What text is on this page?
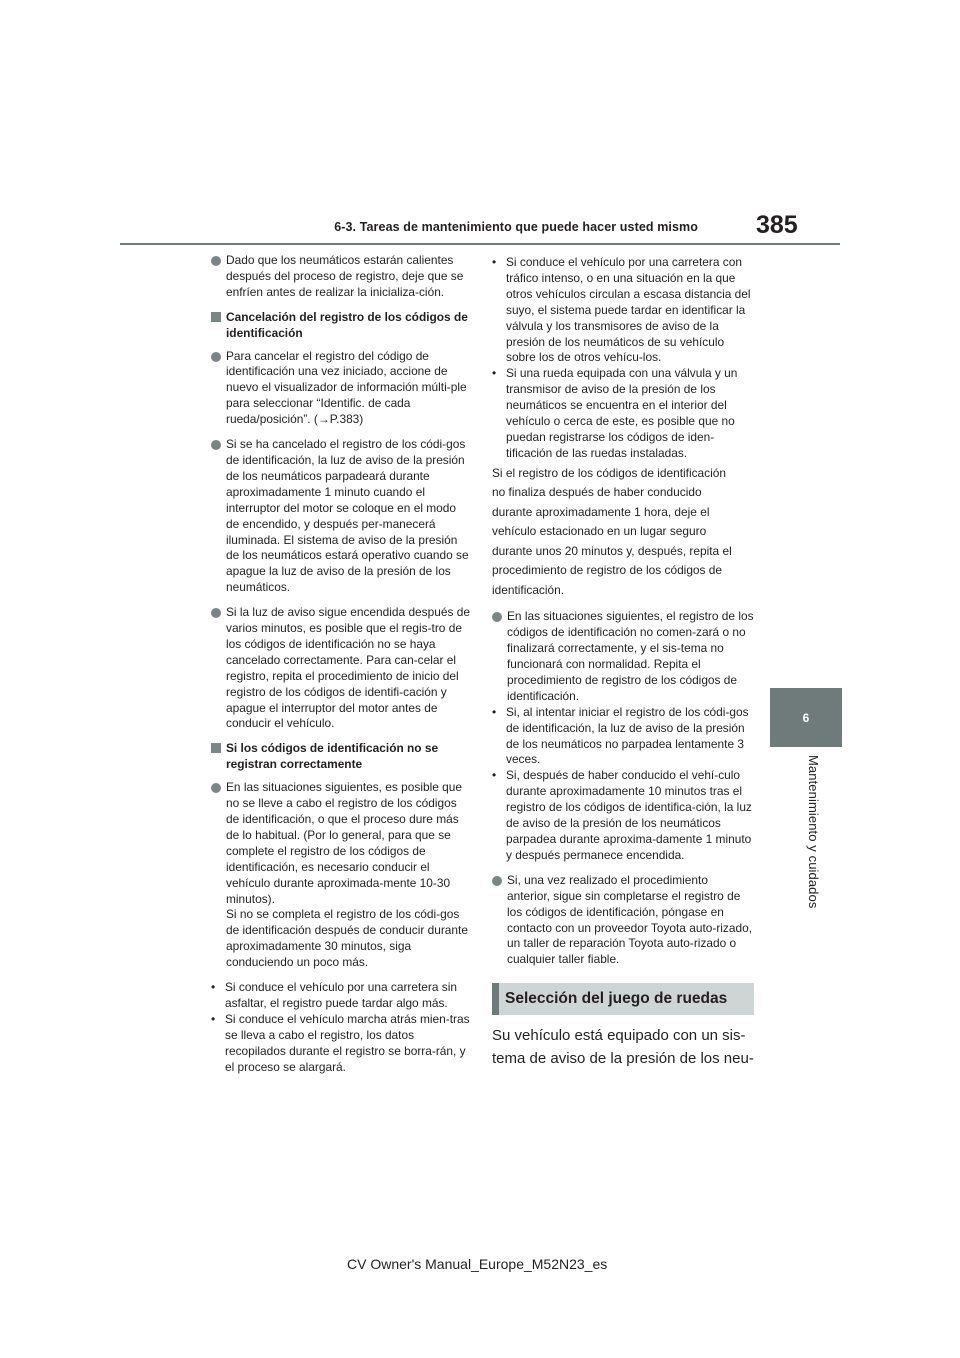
6-3. Tareas de mantenimiento que puede hacer usted mismo 385
6
Mantenimiento y cuidados
Dado que los neumáticos estarán calientes después del proceso de registro, deje que se enfríen antes de realizar la inicializa-ción.
Cancelación del registro de los códigos de identificación
Para cancelar el registro del código de identificación una vez iniciado, accione de nuevo el visualizador de información múlti-ple para seleccionar “Identific. de cada rueda/posición”. (→P.383)
Si se ha cancelado el registro de los códi-gos de identificación, la luz de aviso de la presión de los neumáticos parpadeará durante aproximadamente 1 minuto cuando el interruptor del motor se coloque en el modo de encendido, y después per-manecerá iluminada. El sistema de aviso de la presión de los neumáticos estará operativo cuando se apague la luz de aviso de la presión de los neumáticos.
Si la luz de aviso sigue encendida después de varios minutos, es posible que el regis-tro de los códigos de identificación no se haya cancelado correctamente. Para can-celar el registro, repita el procedimiento de inicio del registro de los códigos de identifi-cación y apague el interruptor del motor antes de conducir el vehículo.
Si los códigos de identificación no se registran correctamente
En las situaciones siguientes, es posible que no se lleve a cabo el registro de los códigos de identificación, o que el proceso dure más de lo habitual. (Por lo general, para que se complete el registro de los códigos de identificación, es necesario conducir el vehículo durante aproximada-mente 10-30 minutos).

Si no se completa el registro de los códi-gos de identificación después de conducir durante aproximadamente 30 minutos, siga conduciendo un poco más.

• Si conduce el vehículo por una carretera sin asfaltar, el registro puede tardar algo más.
• Si conduce el vehículo marcha atrás mien-tras se lleva a cabo el registro, los datos recopilados durante el registro se borra-rán, y el proceso se alargará.
• Si conduce el vehículo por una carretera con tráfico intenso, o en una situación en la que otros vehículos circulan a escasa distancia del suyo, el sistema puede tardar en identificar la válvula y los transmisores de aviso de la presión de los neumáticos de su vehículo sobre los de otros vehícu-los.
• Si una rueda equipada con una válvula y un transmisor de aviso de la presión de los neumáticos se encuentra en el interior del vehículo o cerca de este, es posible que no puedan registrarse los códigos de iden-tificación de las ruedas instaladas.
Si el registro de los códigos de identificación
no finaliza después de haber conducido
durante aproximadamente 1 hora, deje el
vehículo estacionado en un lugar seguro
durante unos 20 minutos y, después, repita el
procedimiento de registro de los códigos de
identificación.
En las situaciones siguientes, el registro de los códigos de identificación no comen-zará o no finalizará correctamente, y el sis-tema no funcionará con normalidad. Repita el procedimiento de registro de los códigos de identificación.
• Si, al intentar iniciar el registro de los códi-gos de identificación, la luz de aviso de la presión de los neumáticos no parpadea lentamente 3 veces.
• Si, después de haber conducido el vehí-culo durante aproximadamente 10 minutos tras el registro de los códigos de identifica-ción, la luz de aviso de la presión de los neumáticos parpadea durante aproxima-damente 1 minuto y después permanece encendida.
Si, una vez realizado el procedimiento anterior, sigue sin completarse el registro de los códigos de identificación, póngase en contacto con un proveedor Toyota auto-rizado, un taller de reparación Toyota auto-rizado o cualquier taller fiable.
Selección del juego de ruedas
Su vehículo está equipado con un sis-
tema de aviso de la presión de los neu-
CV Owner's Manual_Europe_M52N23_es
